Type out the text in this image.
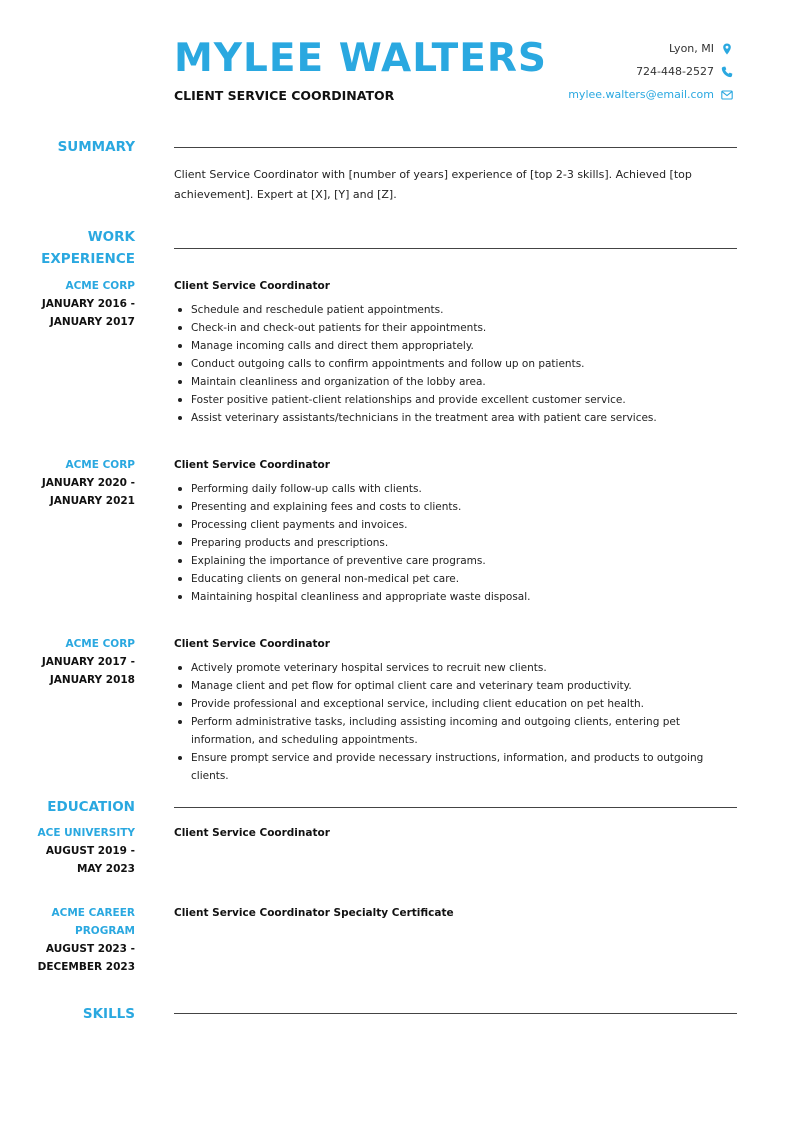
MYLEE WALTERS
CLIENT SERVICE COORDINATOR
Lyon, MI
724-448-2527
mylee.walters@email.com
SUMMARY
Client Service Coordinator with [number of years] experience of [top 2-3 skills]. Achieved [top achievement]. Expert at [X], [Y] and [Z].
WORK
EXPERIENCE
ACME CORP
JANUARY 2016 -
JANUARY 2017
Client Service Coordinator
Schedule and reschedule patient appointments.
Check-in and check-out patients for their appointments.
Manage incoming calls and direct them appropriately.
Conduct outgoing calls to confirm appointments and follow up on patients.
Maintain cleanliness and organization of the lobby area.
Foster positive patient-client relationships and provide excellent customer service.
Assist veterinary assistants/technicians in the treatment area with patient care services.
ACME CORP
JANUARY 2020 -
JANUARY 2021
Client Service Coordinator
Performing daily follow-up calls with clients.
Presenting and explaining fees and costs to clients.
Processing client payments and invoices.
Preparing products and prescriptions.
Explaining the importance of preventive care programs.
Educating clients on general non-medical pet care.
Maintaining hospital cleanliness and appropriate waste disposal.
ACME CORP
JANUARY 2017 -
JANUARY 2018
Client Service Coordinator
Actively promote veterinary hospital services to recruit new clients.
Manage client and pet flow for optimal client care and veterinary team productivity.
Provide professional and exceptional service, including client education on pet health.
Perform administrative tasks, including assisting incoming and outgoing clients, entering pet information, and scheduling appointments.
Ensure prompt service and provide necessary instructions, information, and products to outgoing clients.
EDUCATION
ACE UNIVERSITY
AUGUST 2019 -
MAY 2023
Client Service Coordinator
ACME CAREER
PROGRAM
AUGUST 2023 -
DECEMBER 2023
Client Service Coordinator Specialty Certificate
SKILLS
